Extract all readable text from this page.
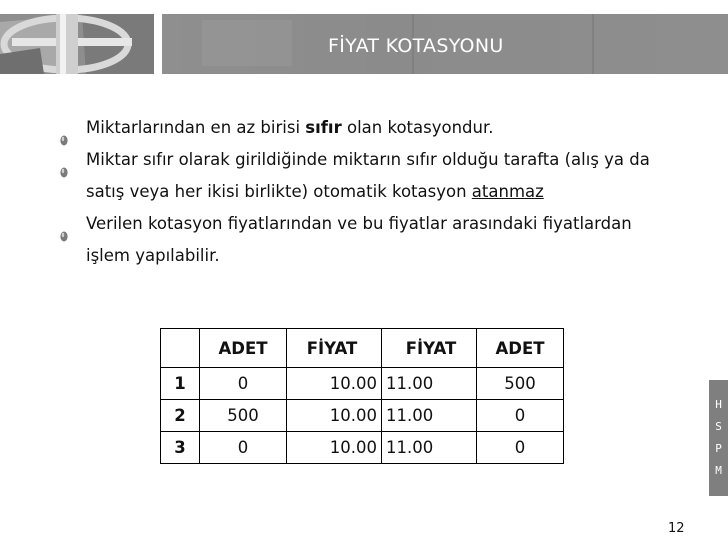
FİYAT KOTASYONU
Miktarlarından en az birisi sıfır olan kotasyondur.
Miktar sıfır olarak girildiğinde miktarın sıfır olduğu tarafta (alış ya da satış veya her ikisi birlikte) otomatik kotasyon atanmaz
Verilen kotasyon fiyatlarından ve bu fiyatlar arasındaki fiyatlardan işlem yapılabilir.
	ADET	FİYAT	FİYAT	ADET
1	0	10.00	11.00	500
2	500	10.00	11.00	0
3	0	10.00	11.00	0
H
S
P
M
12
